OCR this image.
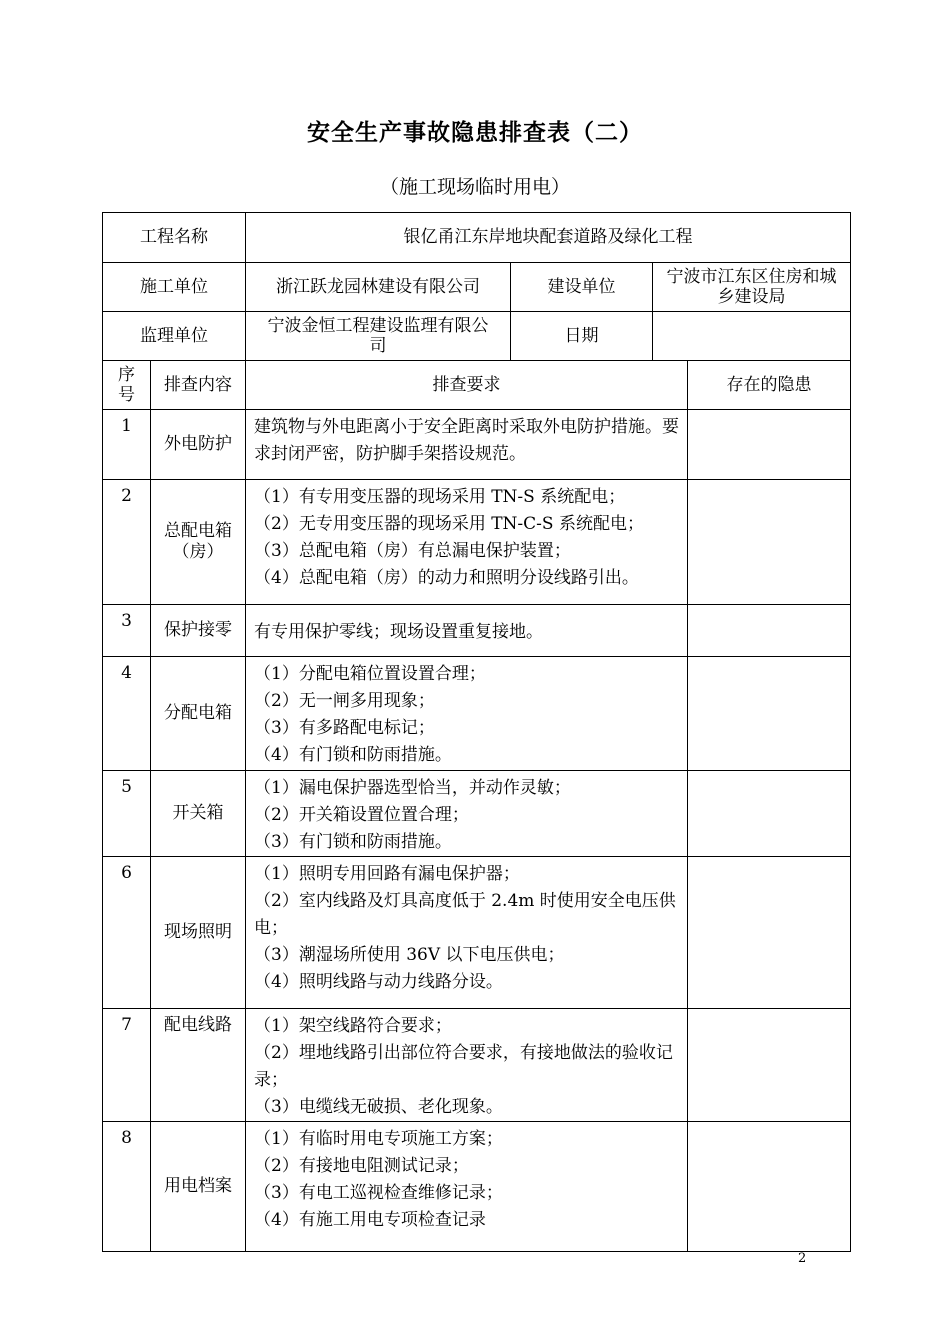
安全生产事故隐患排查表（二）
（施工现场临时用电）
工程名称		银亿甬江东岸地块配套道路及绿化工程			
施工单位		浙江跃龙园林建设有限公司	建设单位	宁波市江东区住房和城乡建设局	
监理单位		宁波金恒工程建设监理有限公司	日期		
序号	排查内容	排查要求			存在的隐患
1	外电防护	建筑物与外电距离小于安全距离时采取外电防护措施。要求封闭严密，防护脚手架搭设规范。			

2	总配电箱（房）	（1）有专用变压器的现场采用 TN-S 系统配电；
（2）无专用变压器的现场采用 TN-C-S 系统配电；
（3）总配电箱（房）有总漏电保护装置；
（4）总配电箱（房）的动力和照明分设线路引出。			

3	保护接零	有专用保护零线；现场设置重复接地。			

4	分配电箱	（1）分配电箱位置设置合理；
（2）无一闸多用现象；
（3）有多路配电标记；
（4）有门锁和防雨措施。			

5	开关箱	（1）漏电保护器选型恰当，并动作灵敏；
（2）开关箱设置位置合理；
（3）有门锁和防雨措施。			

6	现场照明	（1）照明专用回路有漏电保护器；
（2）室内线路及灯具高度低于 2.4m 时使用安全电压供电；
（3）潮湿场所使用 36V 以下电压供电；
（4）照明线路与动力线路分设。			

7	配电线路	（1）架空线路符合要求；
（2）埋地线路引出部位符合要求，有接地做法的验收记录；
（3）电缆线无破损、老化现象。			

8	用电档案	（1）有临时用电专项施工方案；
（2）有接地电阻测试记录；
（3）有电工巡视检查维修记录；
（4）有施工用电专项检查记录			

2
